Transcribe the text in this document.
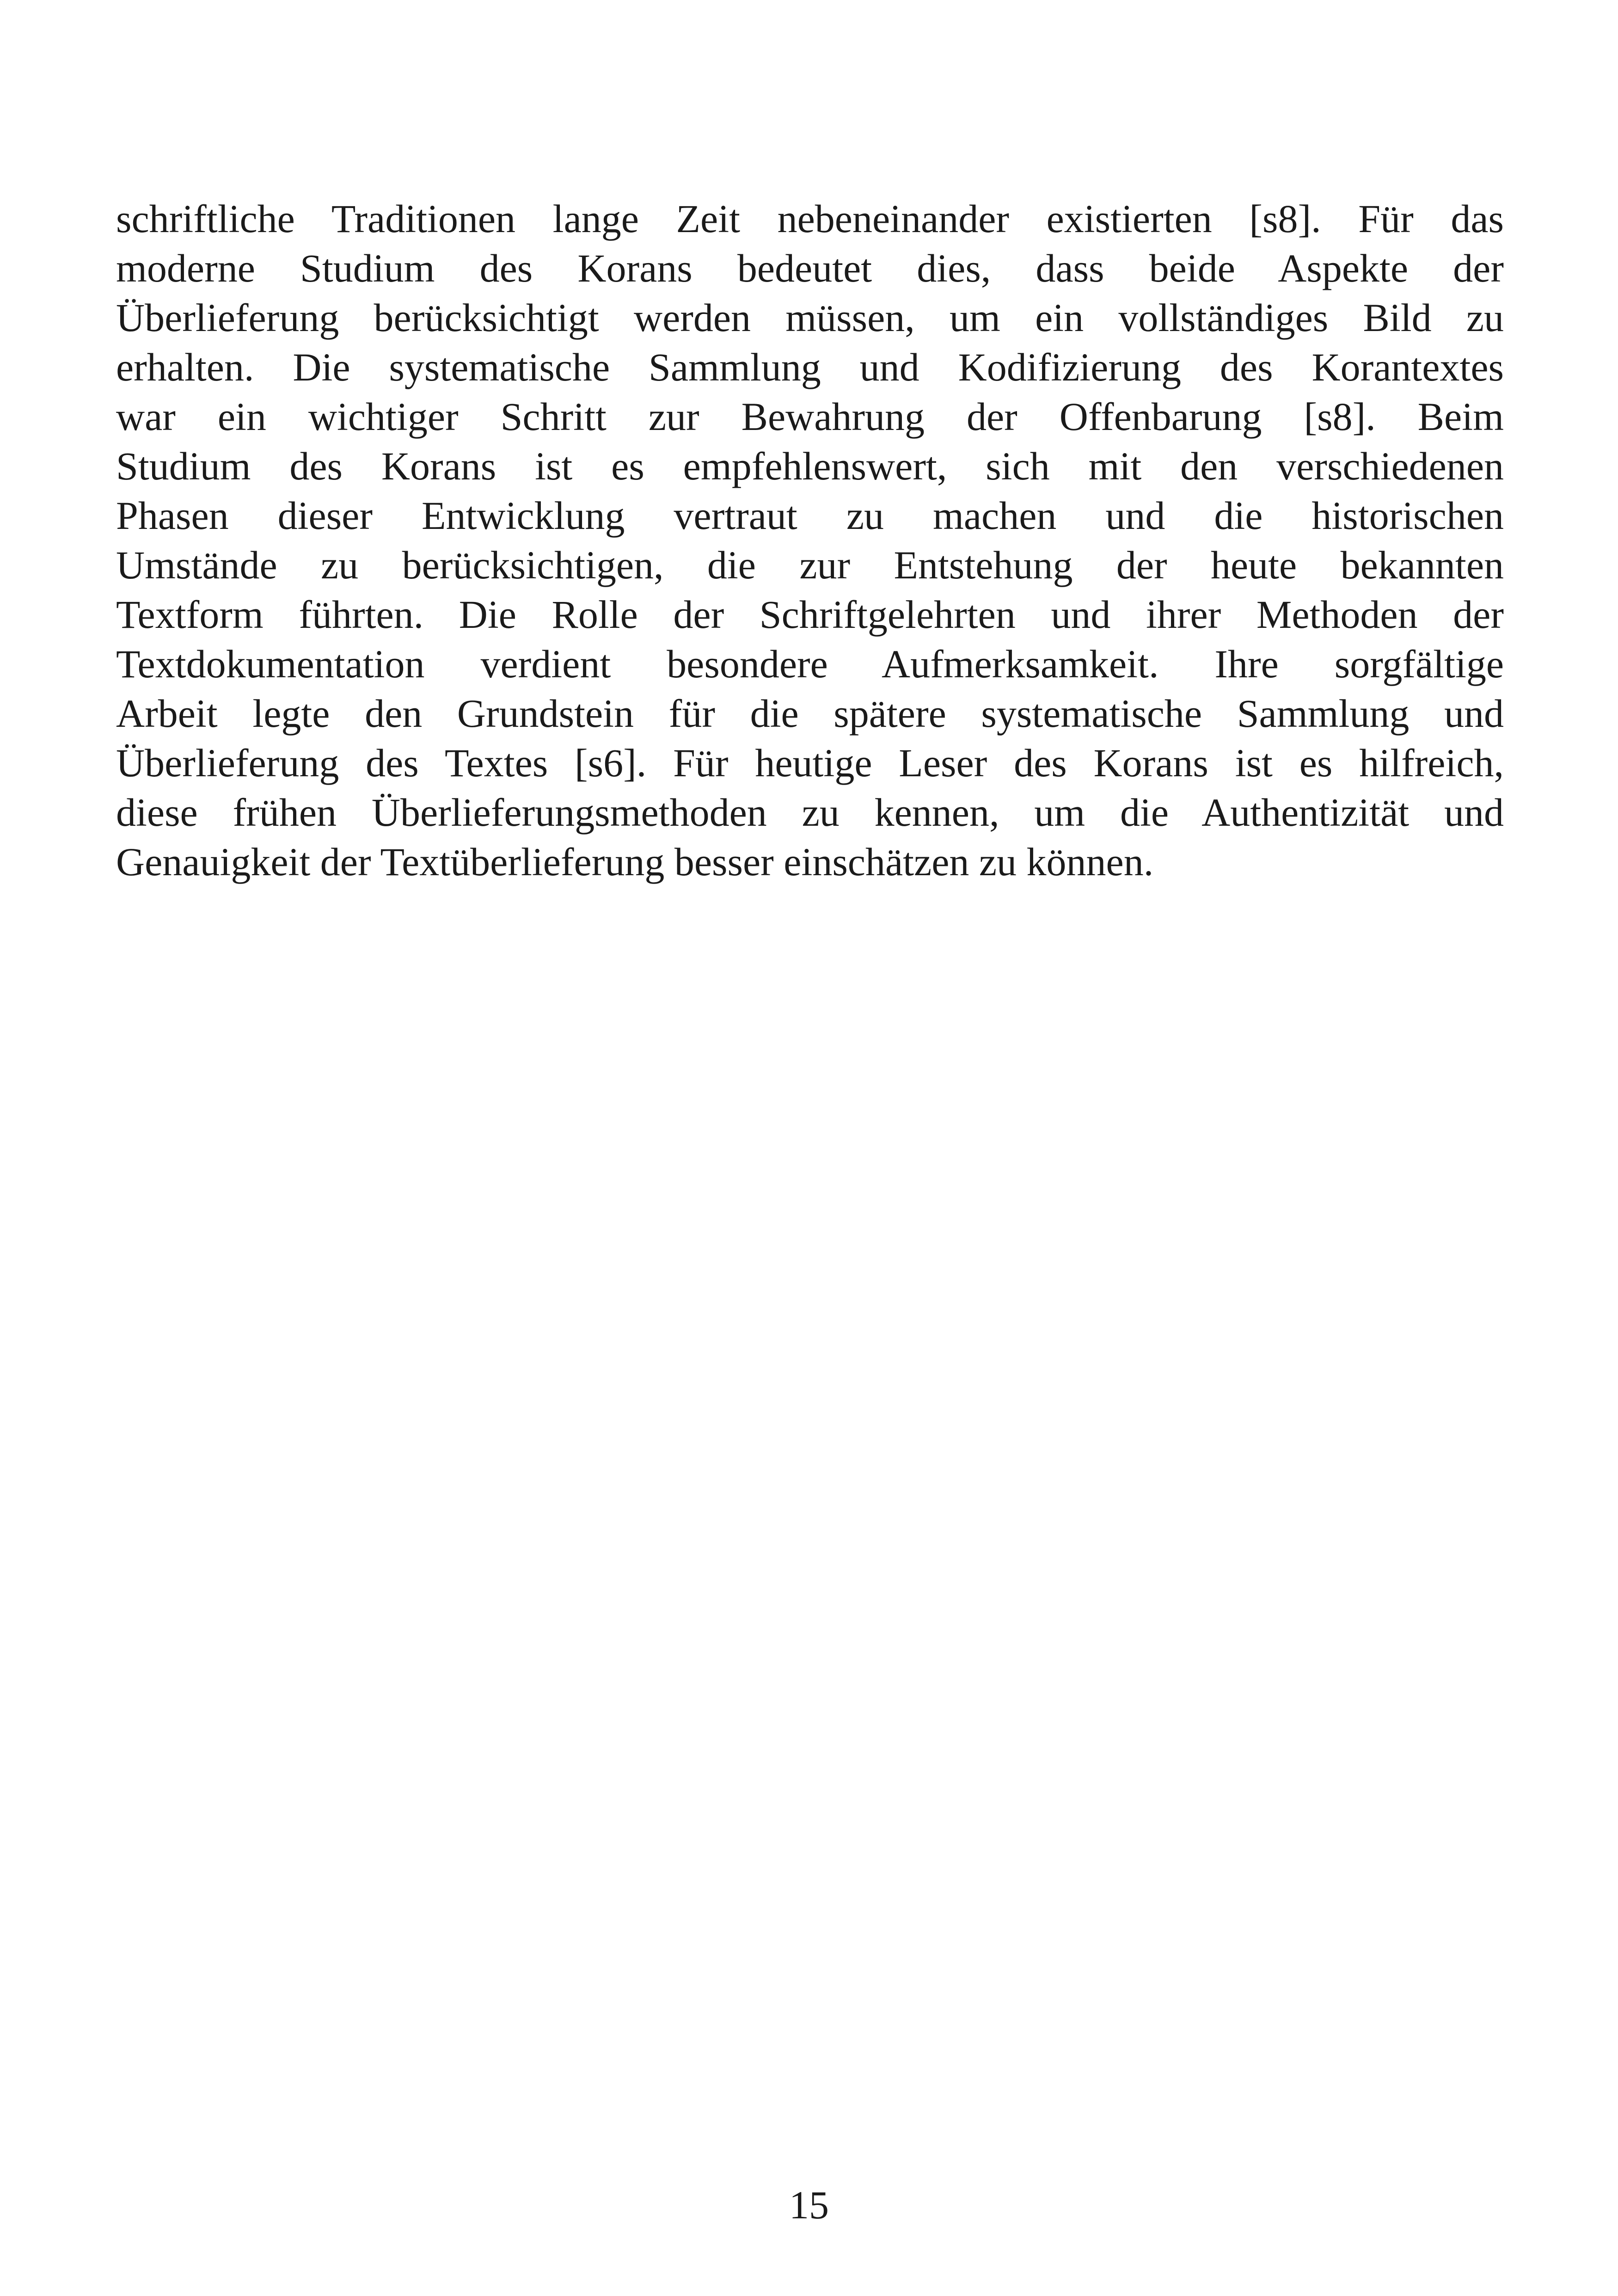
schriftliche Traditionen lange Zeit nebeneinander existierten [s8]. Für das
moderne Studium des Korans bedeutet dies, dass beide Aspekte der
Überlieferung berücksichtigt werden müssen, um ein vollständiges Bild zu
erhalten. Die systematische Sammlung und Kodifizierung des Korantextes
war ein wichtiger Schritt zur Bewahrung der Offenbarung [s8]. Beim
Studium des Korans ist es empfehlenswert, sich mit den verschiedenen
Phasen dieser Entwicklung vertraut zu machen und die historischen
Umstände zu berücksichtigen, die zur Entstehung der heute bekannten
Textform führten. Die Rolle der Schriftgelehrten und ihrer Methoden der
Textdokumentation verdient besondere Aufmerksamkeit. Ihre sorgfältige
Arbeit legte den Grundstein für die spätere systematische Sammlung und
Überlieferung des Textes [s6]. Für heutige Leser des Korans ist es hilfreich,
diese frühen Überlieferungsmethoden zu kennen, um die Authentizität und
Genauigkeit der Textüberlieferung besser einschätzen zu können.

15
